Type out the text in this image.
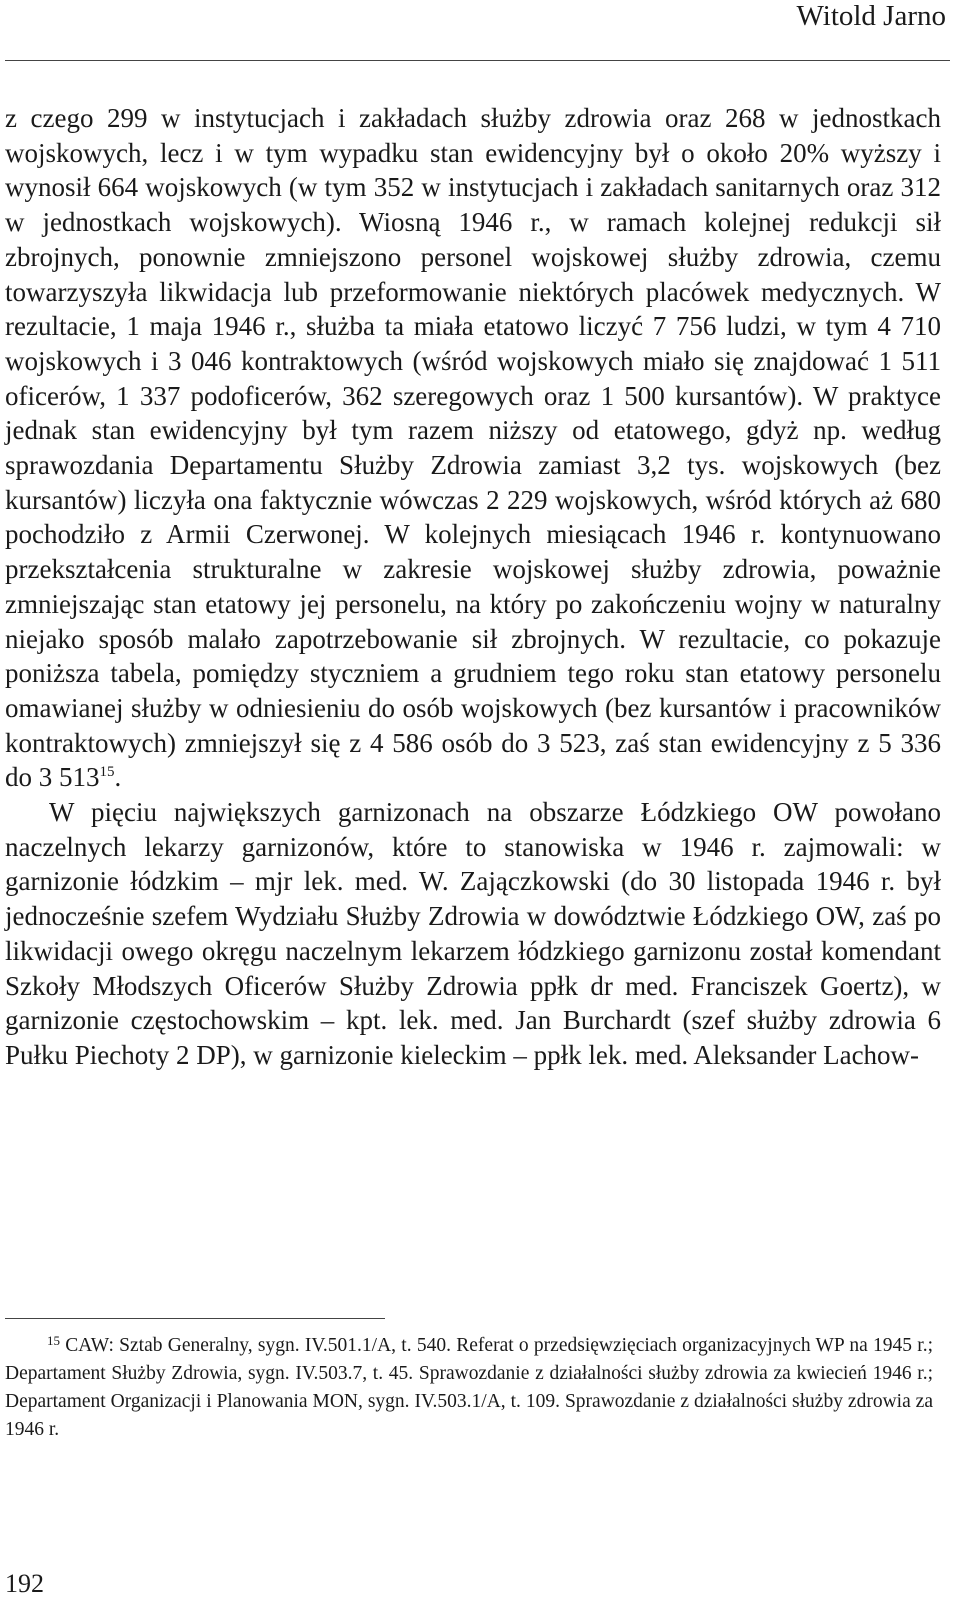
Witold Jarno

z czego 299 w instytucjach i zakładach służby zdrowia oraz 268 w jednostkach wojskowych, lecz i w tym wypadku stan ewidencyjny był o około 20% wyższy i wynosił 664 wojskowych (w tym 352 w instytucjach i zakładach sanitarnych oraz 312 w jednostkach wojskowych). Wiosną 1946 r., w ramach kolejnej redukcji sił zbrojnych, ponownie zmniejszono personel wojskowej służby zdrowia, czemu towarzyszyła likwidacja lub przeformowanie niektórych placówek medycznych. W rezultacie, 1 maja 1946 r., służba ta miała etatowo liczyć 7 756 ludzi, w tym 4 710 wojskowych i 3 046 kontraktowych (wśród wojskowych miało się znajdować 1 511 oficerów, 1 337 podoficerów, 362 szeregowych oraz 1 500 kursantów). W praktyce jednak stan ewidencyjny był tym razem niższy od etatowego, gdyż np. według sprawozdania Departamentu Służby Zdrowia zamiast 3,2 tys. wojskowych (bez kursantów) liczyła ona faktycznie wówczas 2 229 wojskowych, wśród których aż 680 pochodziło z Armii Czerwonej. W kolejnych miesiącach 1946 r. kontynuowano przekształcenia strukturalne w zakresie wojskowej służby zdrowia, poważnie zmniejszając stan etatowy jej personelu, na który po zakończeniu wojny w naturalny niejako sposób malało zapotrzebowanie sił zbrojnych. W rezultacie, co pokazuje poniższa tabela, pomiędzy styczniem a grudniem tego roku stan etatowy personelu omawianej służby w odniesieniu do osób wojskowych (bez kursantów i pracowników kontraktowych) zmniejszył się z 4 586 osób do 3 523, zaś stan ewidencyjny z 5 336 do 3 $513^{15}$.

W pięciu największych garnizonach na obszarze Łódzkiego OW powołano naczelnych lekarzy garnizonów, które to stanowiska w 1946 r. zajmowali: w garnizonie łódzkim – mjr lek. med. W. Zajączkowski (do 30 listopada 1946 r. był jednocześnie szefem Wydziału Służby Zdrowia w dowództwie Łódzkiego OW, zaś po likwidacji owego okręgu naczelnym lekarzem łódzkiego garnizonu został komendant Szkoły Młodszych Oficerów Służby Zdrowia ppłk dr med. Franciszek Goertz), w garnizonie częstochowskim – kpt. lek. med. Jan Burchardt (szef służby zdrowia 6 Pułku Piechoty 2 DP), w garnizonie kieleckim – ppłk lek. med. Aleksander Lachow-

$^{15}$ CAW: Sztab Generalny, sygn. IV.501.1/A, t. 540. Referat o przedsięwzięciach organizacyjnych WP na 1945 r.; Departament Służby Zdrowia, sygn. IV.503.7, t. 45. Sprawozdanie z działalności służby zdrowia za kwiecień 1946 r.; Departament Organizacji i Planowania MON, sygn. IV.503.1/A, t. 109. Sprawozdanie z działalności służby zdrowia za 1946 r.

192
